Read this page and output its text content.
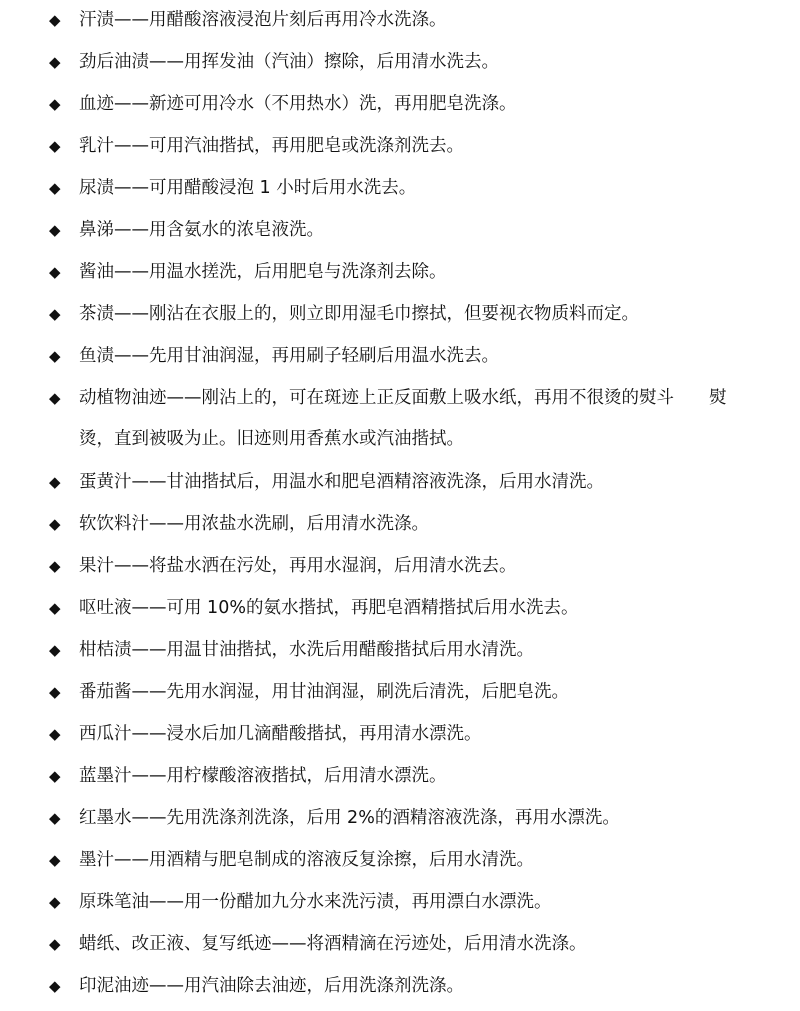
◆ 汗渍——用醋酸溶液浸泡片刻后再用冷水洗涤。
◆ 劲后油渍——用挥发油（汽油）擦除，后用清水洗去。
◆ 血迹——新迹可用冷水（不用热水）洗，再用肥皂洗涤。
◆ 乳汁——可用汽油揩拭，再用肥皂或洗涤剂洗去。
◆ 尿渍——可用醋酸浸泡 1 小时后用水洗去。
◆ 鼻涕——用含氨水的浓皂液洗。
◆ 酱油——用温水搓洗，后用肥皂与洗涤剂去除。
◆ 茶渍——刚沾在衣服上的，则立即用湿毛巾擦拭，但要视衣物质料而定。
◆ 鱼渍——先用甘油润湿，再用刷子轻刷后用温水洗去。
◆ 动植物油迹——刚沾上的，可在斑迹上正反面敷上吸水纸，再用不很烫的熨斗　　熨烫，直到被吸为止。旧迹则用香蕉水或汽油揩拭。
◆ 蛋黄汁——甘油揩拭后，用温水和肥皂酒精溶液洗涤，后用水清洗。
◆ 软饮料汁——用浓盐水洗刷，后用清水洗涤。
◆ 果汁——将盐水洒在污处，再用水湿润，后用清水洗去。
◆ 呕吐液——可用 10%的氨水揩拭，再肥皂酒精揩拭后用水洗去。
◆ 柑桔渍——用温甘油揩拭，水洗后用醋酸揩拭后用水清洗。
◆ 番茄酱——先用水润湿，用甘油润湿，刷洗后清洗，后肥皂洗。
◆ 西瓜汁——浸水后加几滴醋酸揩拭，再用清水漂洗。
◆ 蓝墨汁——用柠檬酸溶液揩拭，后用清水漂洗。
◆ 红墨水——先用洗涤剂洗涤，后用 2%的酒精溶液洗涤，再用水漂洗。
◆ 墨汁——用酒精与肥皂制成的溶液反复涂擦，后用水清洗。
◆ 原珠笔油——用一份醋加九分水来洗污渍，再用漂白水漂洗。
◆ 蜡纸、改正液、复写纸迹——将酒精滴在污迹处，后用清水洗涤。
◆ 印泥油迹——用汽油除去油迹，后用洗涤剂洗涤。
